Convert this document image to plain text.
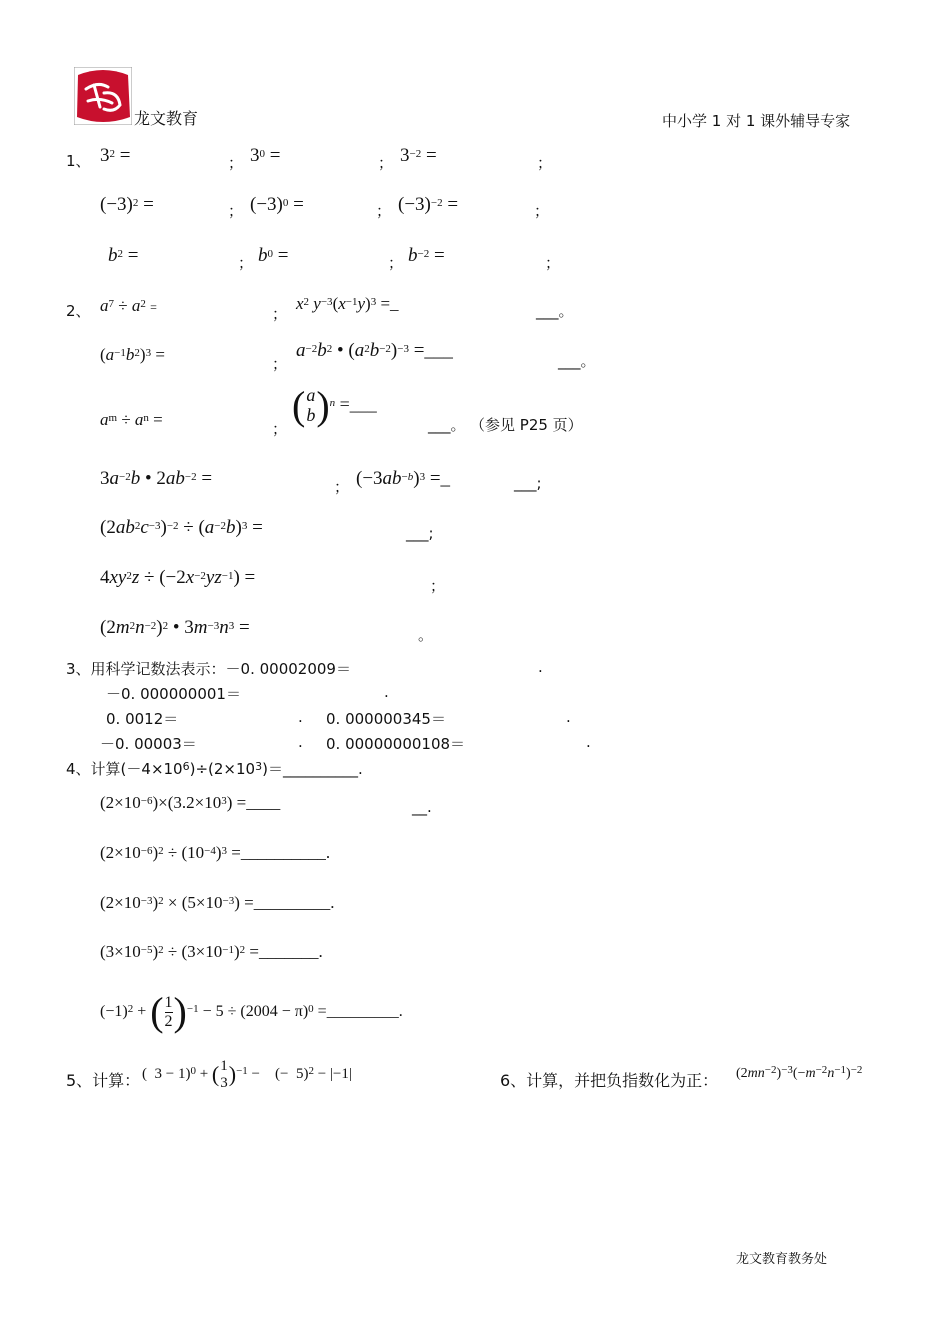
龙文教育	中小学 1 对 1 课外辅导专家
1、 $3^2$ =	； $3^0$ =	； $3^{-2}$ =	；
$(-3)^2$ =	； $(-3)^0$ =	； $(-3)^{-2}$ =	；
$b^2$ =	； $b^0$ =	； $b^{-2}$ =	；
2、 $a^7 \div a^2$ =	；
$x^2$ $y^{-3}(x^{-1}y)^3$ =_	___。
$(a^{-1}b^2)^3$ =	；
$a^{-2}b^2$ • $(a^2b^{-2})^{-3}$ =___	___。
$a^m \div a^n$ =	；
( a
b )$^n$ =___
___。 （参见 P25 页）
$3a^{-2}b$ • $2ab^{-2}$ =	； $(-3ab^{-b})^3$ =_	___;
$(2ab^2c^{-3})^{-2} \div (a^{-2}b)^3$ =	___;
$4xy^2z \div (-2x^{-2}yz^{-1})$ =	；
$(2m^2n^{-2})^2$ • $3m^{-3}n^3$ =	。
3、用科学记数法表示：－0. 00002009＝	.
－0. 000000001＝	.
0. 0012＝	. 0. 000000345＝	.
－0. 00003＝	. 0. 00000000108＝	.
4、计算$(-4\times 10^6)\div(2\times 10^3)=\_\_\_\_\_\_\_\_\_\_$.
$(2\times 10^{-6})\times(3.2\times 10^3)$ =____	__.
$(2\times 10^{-6})^2 \div (10^{-4})^3$ =__________.
$(2\times 10^{-3})^2 \times (5\times 10^{-3})$ =_________.
$(3\times 10^{-5})^2 \div (3\times 10^{-1})^2$ =_______.
$(-1)^2$ + ( $\frac{1}{2} )^{-1} - 5 \div (2004 - \pi)^0$ =_________.
5、计算： (  3 − 1)$^0$ + ( 1
3 )$^{-1}$ −    (−  5)$^2$ − |−1|	6、计算，并把负指数化为正： $(2mn^{-2})^{-3}(-m^{-2}n^{-1})^{-2}$
龙文教育教务处
